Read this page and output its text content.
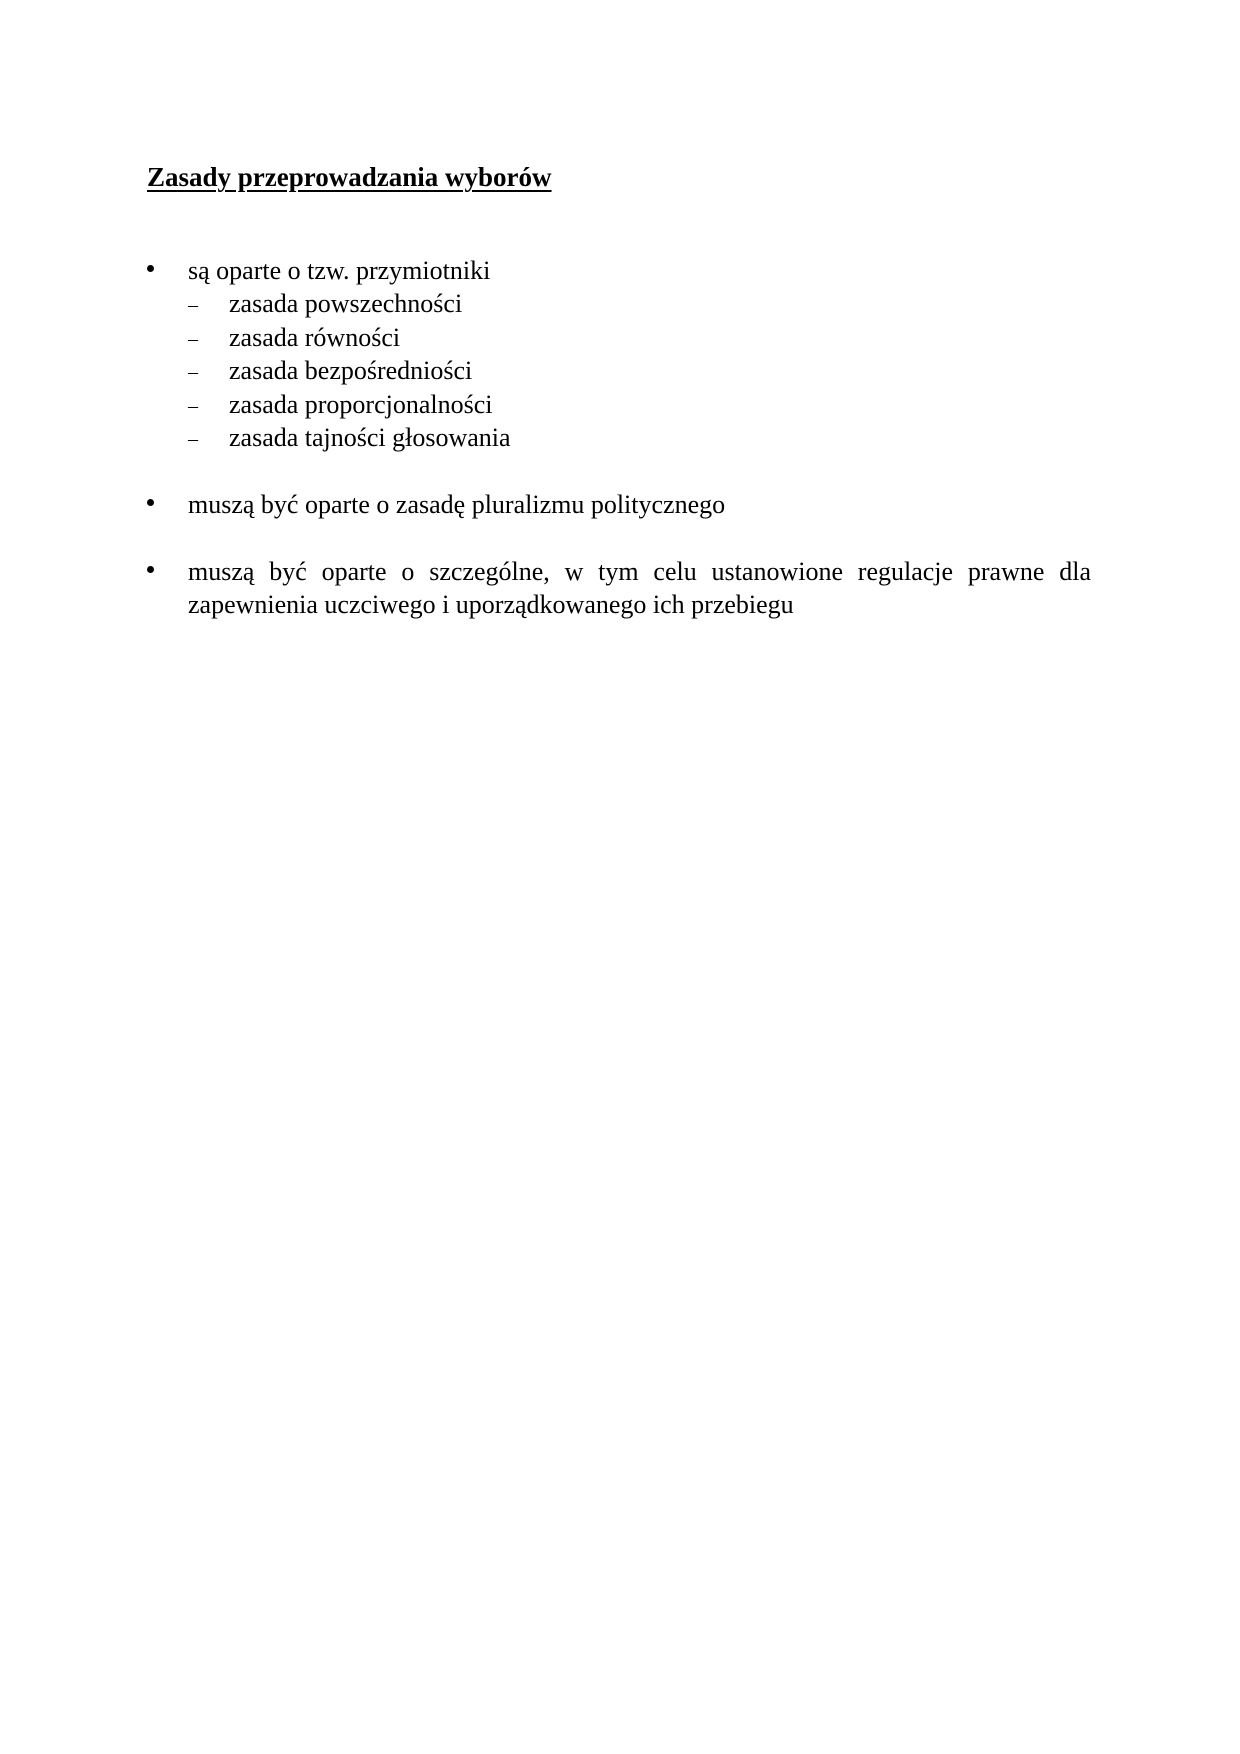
Zasady przeprowadzania wyborów
są oparte o tzw. przymiotniki
– zasada powszechności
– zasada równości
– zasada bezpośredniości
– zasada proporcjonalności
– zasada tajności głosowania
muszą być oparte o zasadę pluralizmu politycznego
muszą być oparte o szczególne, w tym celu ustanowione regulacje prawne dla zapewnienia uczciwego i uporządkowanego ich przebiegu
